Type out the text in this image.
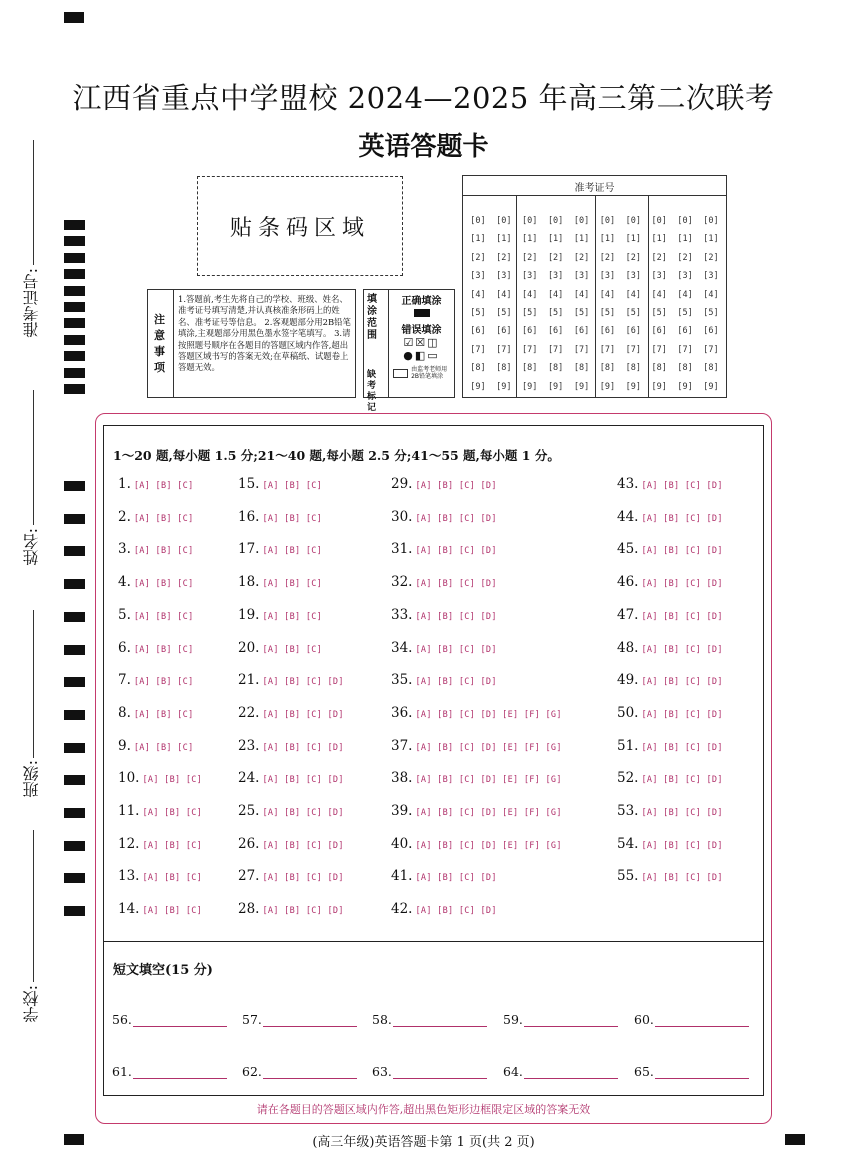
江西省重点中学盟校 2024—2025 年高三第二次联考
英语答题卡
贴条码区域
注意事项
1.答题前,考生先将自己的学校、班级、姓名、准考证号填写清楚,并认真核准条形码上的姓名、准考证号等信息。 2.客观题部分用2B铅笔填涂,主观题部分用黑色墨水签字笔填写。 3.请按照题号顺序在各题目的答题区域内作答,超出答题区域书写的答案无效;在草稿纸、试题卷上答题无效。
填涂范围
缺考标记
正确填涂
错误填涂
☑☒◫
●◧▭
由监考老师用2B铅笔填涂
准考证号
[0] [0] [0] [0] [0] [0] [0] [0] [0] [0]
[1] [1] [1] [1] [1] [1] [1] [1] [1] [1]
[2] [2] [2] [2] [2] [2] [2] [2] [2] [2]
[3] [3] [3] [3] [3] [3] [3] [3] [3] [3]
[4] [4] [4] [4] [4] [4] [4] [4] [4] [4]
[5] [5] [5] [5] [5] [5] [5] [5] [5] [5]
[6] [6] [6] [6] [6] [6] [6] [6] [6] [6]
[7] [7] [7] [7] [7] [7] [7] [7] [7] [7]
[8] [8] [8] [8] [8] [8] [8] [8] [8] [8]
[9] [9] [9] [9] [9] [9] [9] [9] [9] [9]
准考证号:
姓名:
班级:
学校:
1～20 题,每小题 1.5 分;21～40 题,每小题 2.5 分;41～55 题,每小题 1 分。
1. [A] [B] [C]
2. [A] [B] [C]
3. [A] [B] [C]
4. [A] [B] [C]
5. [A] [B] [C]
6. [A] [B] [C]
7. [A] [B] [C]
8. [A] [B] [C]
9. [A] [B] [C]
10. [A] [B] [C]
11. [A] [B] [C]
12. [A] [B] [C]
13. [A] [B] [C]
14. [A] [B] [C]
15. [A] [B] [C]
16. [A] [B] [C]
17. [A] [B] [C]
18. [A] [B] [C]
19. [A] [B] [C]
20. [A] [B] [C]
21. [A] [B] [C] [D]
22. [A] [B] [C] [D]
23. [A] [B] [C] [D]
24. [A] [B] [C] [D]
25. [A] [B] [C] [D]
26. [A] [B] [C] [D]
27. [A] [B] [C] [D]
28. [A] [B] [C] [D]
29. [A] [B] [C] [D]
30. [A] [B] [C] [D]
31. [A] [B] [C] [D]
32. [A] [B] [C] [D]
33. [A] [B] [C] [D]
34. [A] [B] [C] [D]
35. [A] [B] [C] [D]
36. [A] [B] [C] [D] [E] [F] [G]
37. [A] [B] [C] [D] [E] [F] [G]
38. [A] [B] [C] [D] [E] [F] [G]
39. [A] [B] [C] [D] [E] [F] [G]
40. [A] [B] [C] [D] [E] [F] [G]
41. [A] [B] [C] [D]
42. [A] [B] [C] [D]
43. [A] [B] [C] [D]
44. [A] [B] [C] [D]
45. [A] [B] [C] [D]
46. [A] [B] [C] [D]
47. [A] [B] [C] [D]
48. [A] [B] [C] [D]
49. [A] [B] [C] [D]
50. [A] [B] [C] [D]
51. [A] [B] [C] [D]
52. [A] [B] [C] [D]
53. [A] [B] [C] [D]
54. [A] [B] [C] [D]
55. [A] [B] [C] [D]
短文填空(15 分)
56.	57.	58.	59.	60.
61.	62.	63.	64.	65.
请在各题目的答题区域内作答,超出黑色矩形边框限定区域的答案无效
(高三年级)英语答题卡第 1 页(共 2 页)
